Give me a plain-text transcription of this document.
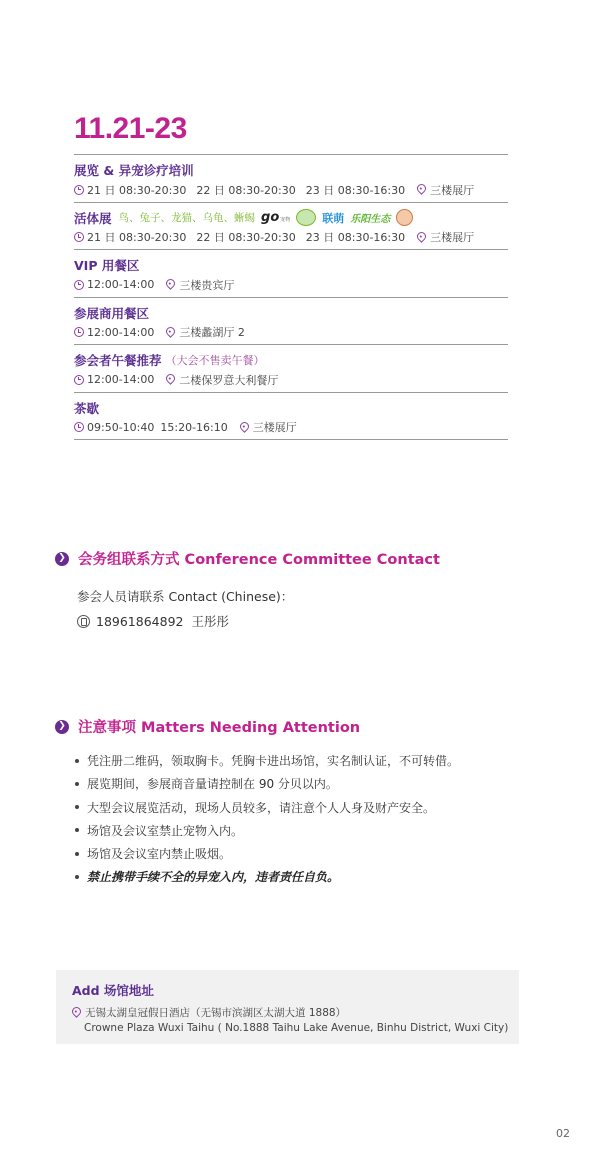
11.21-23
展览 & 异宠诊疗培训
21 日 08:30-20:30 22 日 08:30-20:30 23 日 08:30-16:30 三楼展厅
活体展 鸟、兔子、龙猫、乌龟、蜥蜴 go宠物	联萌 乐阳生态
21 日 08:30-20:30 22 日 08:30-20:30 23 日 08:30-16:30 三楼展厅
VIP 用餐区
12:00-14:00 三楼贵宾厅
参展商用餐区
12:00-14:00 三楼蠡湖厅 2
参会者午餐推荐 （大会不售卖午餐）
12:00-14:00 二楼保罗意大利餐厅
茶歇
09:50-10:40 15:20-16:10 三楼展厅
❯ 会务组联系方式 Conference Committee Contact
参会人员请联系 Contact (Chinese)：
18961864892 王彤彤
❯ 注意事项 Matters Needing Attention
凭注册二维码，领取胸卡。凭胸卡进出场馆，实名制认证，不可转借。
展览期间，参展商音量请控制在 90 分贝以内。
大型会议展览活动，现场人员较多，请注意个人人身及财产安全。
场馆及会议室禁止宠物入内。
场馆及会议室内禁止吸烟。
禁止携带手续不全的异宠入内，违者责任自负。
Add 场馆地址
无锡太湖皇冠假日酒店（无锡市滨湖区太湖大道 1888）
Crowne Plaza Wuxi Taihu ( No.1888 Taihu Lake Avenue, Binhu District, Wuxi City)
02
